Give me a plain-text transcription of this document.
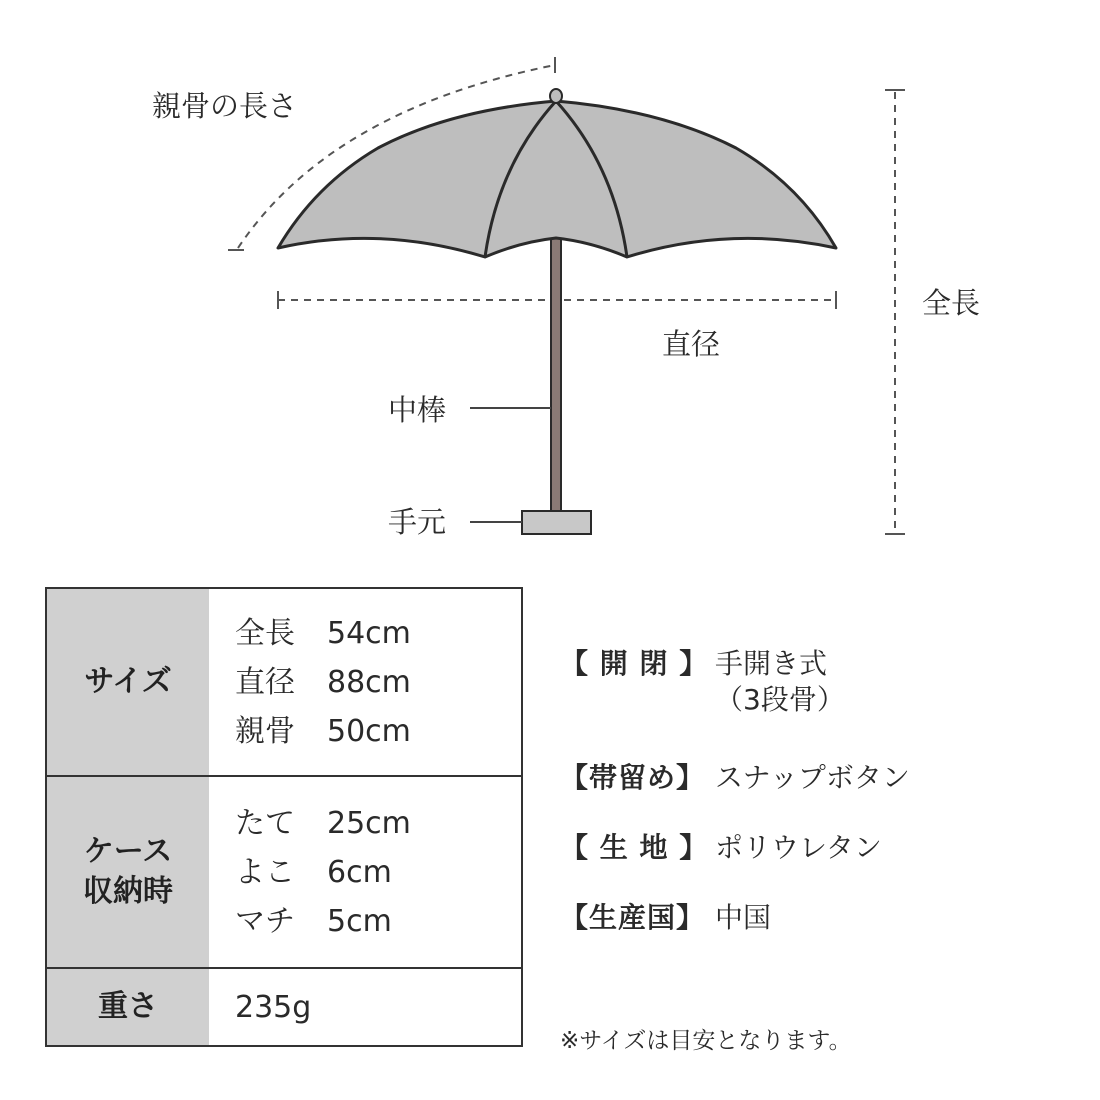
親骨の長さ
全長
直径
中棒
手元
サイズ
全長	54cm
直径	88cm
親骨	50cm
ケース
収納時
たて	25cm
よこ	6cm
マチ	5cm
重さ	235g
【 開 閉 】 手開き式
（3段骨）
【帯留め】 スナップボタン
【 生 地 】 ポリウレタン
【生産国】 中国
※サイズは目安となります。
